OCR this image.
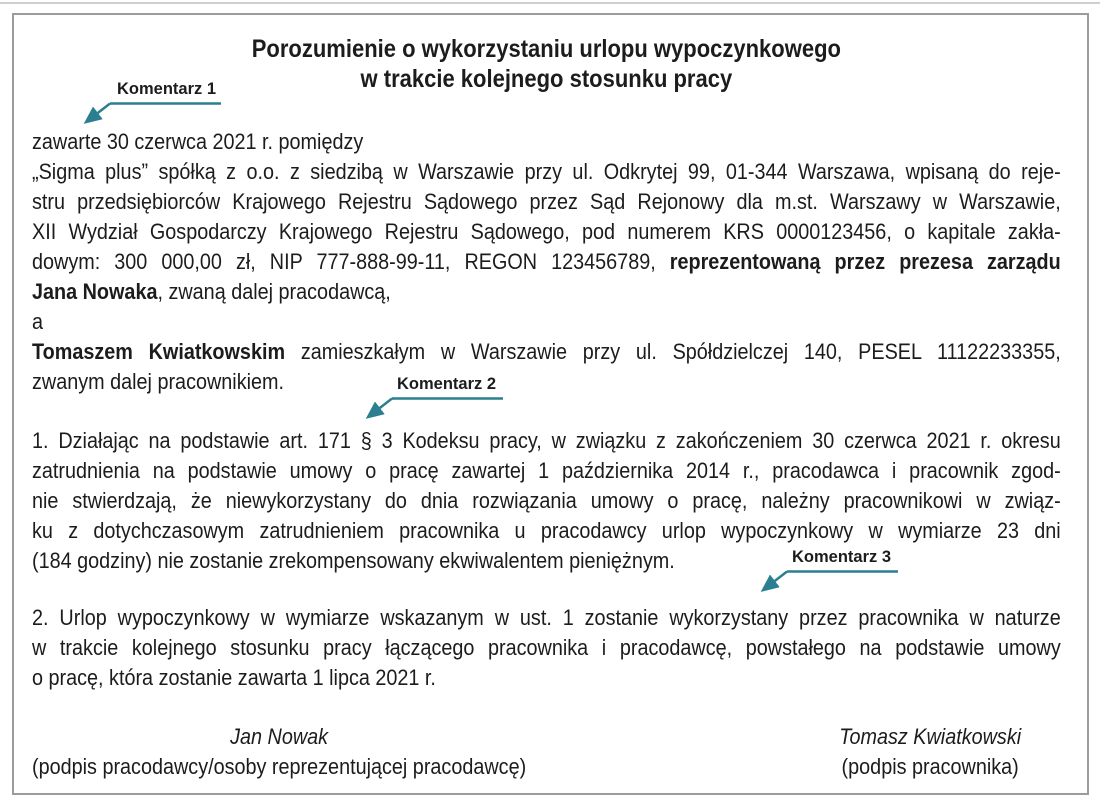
Porozumienie o wykorzystaniu urlopu wypoczynkowego
w trakcie kolejnego stosunku pracy
zawarte 30 czerwca 2021 r. pomiędzy
„Sigma plus” spółką z o.o. z siedzibą w Warszawie przy ul. Odkrytej 99, 01-344 Warszawa, wpisaną do reje-
stru przedsiębiorców Krajowego Rejestru Sądowego przez Sąd Rejonowy dla m.st. Warszawy w Warszawie,
XII Wydział Gospodarczy Krajowego Rejestru Sądowego, pod numerem KRS 0000123456, o kapitale zakła-
dowym: 300 000,00 zł, NIP 777-888-99-11, REGON 123456789, reprezentowaną przez prezesa zarządu
Jana Nowaka, zwaną dalej pracodawcą,
a
Tomaszem Kwiatkowskim zamieszkałym w Warszawie przy ul. Spółdzielczej 140, PESEL 11122233355,
zwanym dalej pracownikiem.
1. Działając na podstawie art. 171 § 3 Kodeksu pracy, w związku z zakończeniem 30 czerwca 2021 r. okresu
zatrudnienia na podstawie umowy o pracę zawartej 1 października 2014 r., pracodawca i pracownik zgod-
nie stwierdzają, że niewykorzystany do dnia rozwiązania umowy o pracę, należny pracownikowi w związ-
ku z dotychczasowym zatrudnieniem pracownika u pracodawcy urlop wypoczynkowy w wymiarze 23 dni
(184 godziny) nie zostanie zrekompensowany ekwiwalentem pieniężnym.
2. Urlop wypoczynkowy w wymiarze wskazanym w ust. 1 zostanie wykorzystany przez pracownika w naturze
w trakcie kolejnego stosunku pracy łączącego pracownika i pracodawcę, powstałego na podstawie umowy
o pracę, która zostanie zawarta 1 lipca 2021 r.
Jan Nowak
(podpis pracodawcy/osoby reprezentującej pracodawcę)
Tomasz Kwiatkowski
(podpis pracownika)
Komentarz 1
Komentarz 2
Komentarz 3
